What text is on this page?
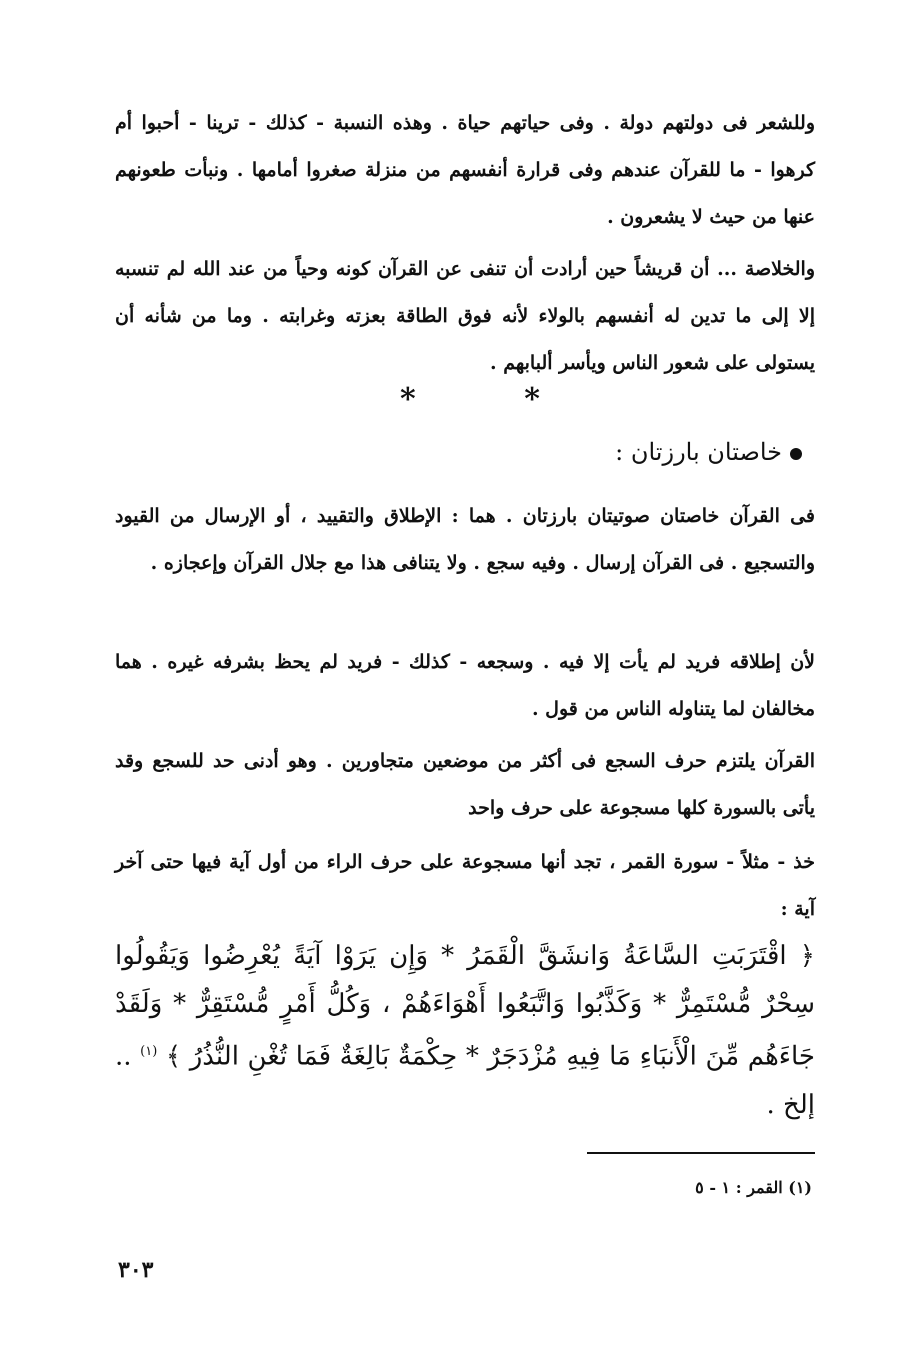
وللشعر فى دولتهم دولة . وفى حياتهم حياة . وهذه النسبة - كذلك - ترينا - أحبوا أم كرهوا - ما للقرآن عندهم وفى قرارة أنفسهم من منزلة صغروا أمامها . ونبأت طعونهم عنها من حيث لا يشعرون .

والخلاصة ... أن قريشاً حين أرادت أن تنفى عن القرآن كونه وحياً من عند الله لم تنسبه إلا إلى ما تدين له أنفسهم بالولاء لأنه فوق الطاقة بعزته وغرابته . وما من شأنه أن يستولى على شعور الناس ويأسر ألبابهم .

*	*
خاصتان بارزتان :

فى القرآن خاصتان صوتيتان بارزتان . هما : الإطلاق والتقييد ، أو الإرسال من القيود والتسجيع . فى القرآن إرسال . وفيه سجع . ولا يتنافى هذا مع جلال القرآن وإعجازه .

لأن إطلاقه فريد لم يأت إلا فيه . وسجعه - كذلك - فريد لم يحظ بشرفه غيره . هما مخالفان لما يتناوله الناس من قول .

القرآن يلتزم حرف السجع فى أكثر من موضعين متجاورين . وهو أدنى حد للسجع وقد يأتى بالسورة كلها مسجوعة على حرف واحد

خذ - مثلاً - سورة القمر ، تجد أنها مسجوعة على حرف الراء من أول آية فيها حتى آخر آية :

﴿ اقْتَرَبَتِ السَّاعَةُ وَانشَقَّ الْقَمَرُ * وَإِن يَرَوْا آيَةً يُعْرِضُوا وَيَقُولُوا سِحْرٌ مُّسْتَمِرٌّ * وَكَذَّبُوا وَاتَّبَعُوا أَهْوَاءَهُمْ ، وَكُلُّ أَمْرٍ مُّسْتَقِرٌّ * وَلَقَدْ جَاءَهُم مِّنَ الْأَنبَاءِ مَا فِيهِ مُزْدَجَرٌ * حِكْمَةٌ بَالِغَةٌ فَمَا تُغْنِ النُّذُرُ ﴾ $^{(١)}$ .. إلخ .

(١) القمر : ١ - ٥

٣٠٣
